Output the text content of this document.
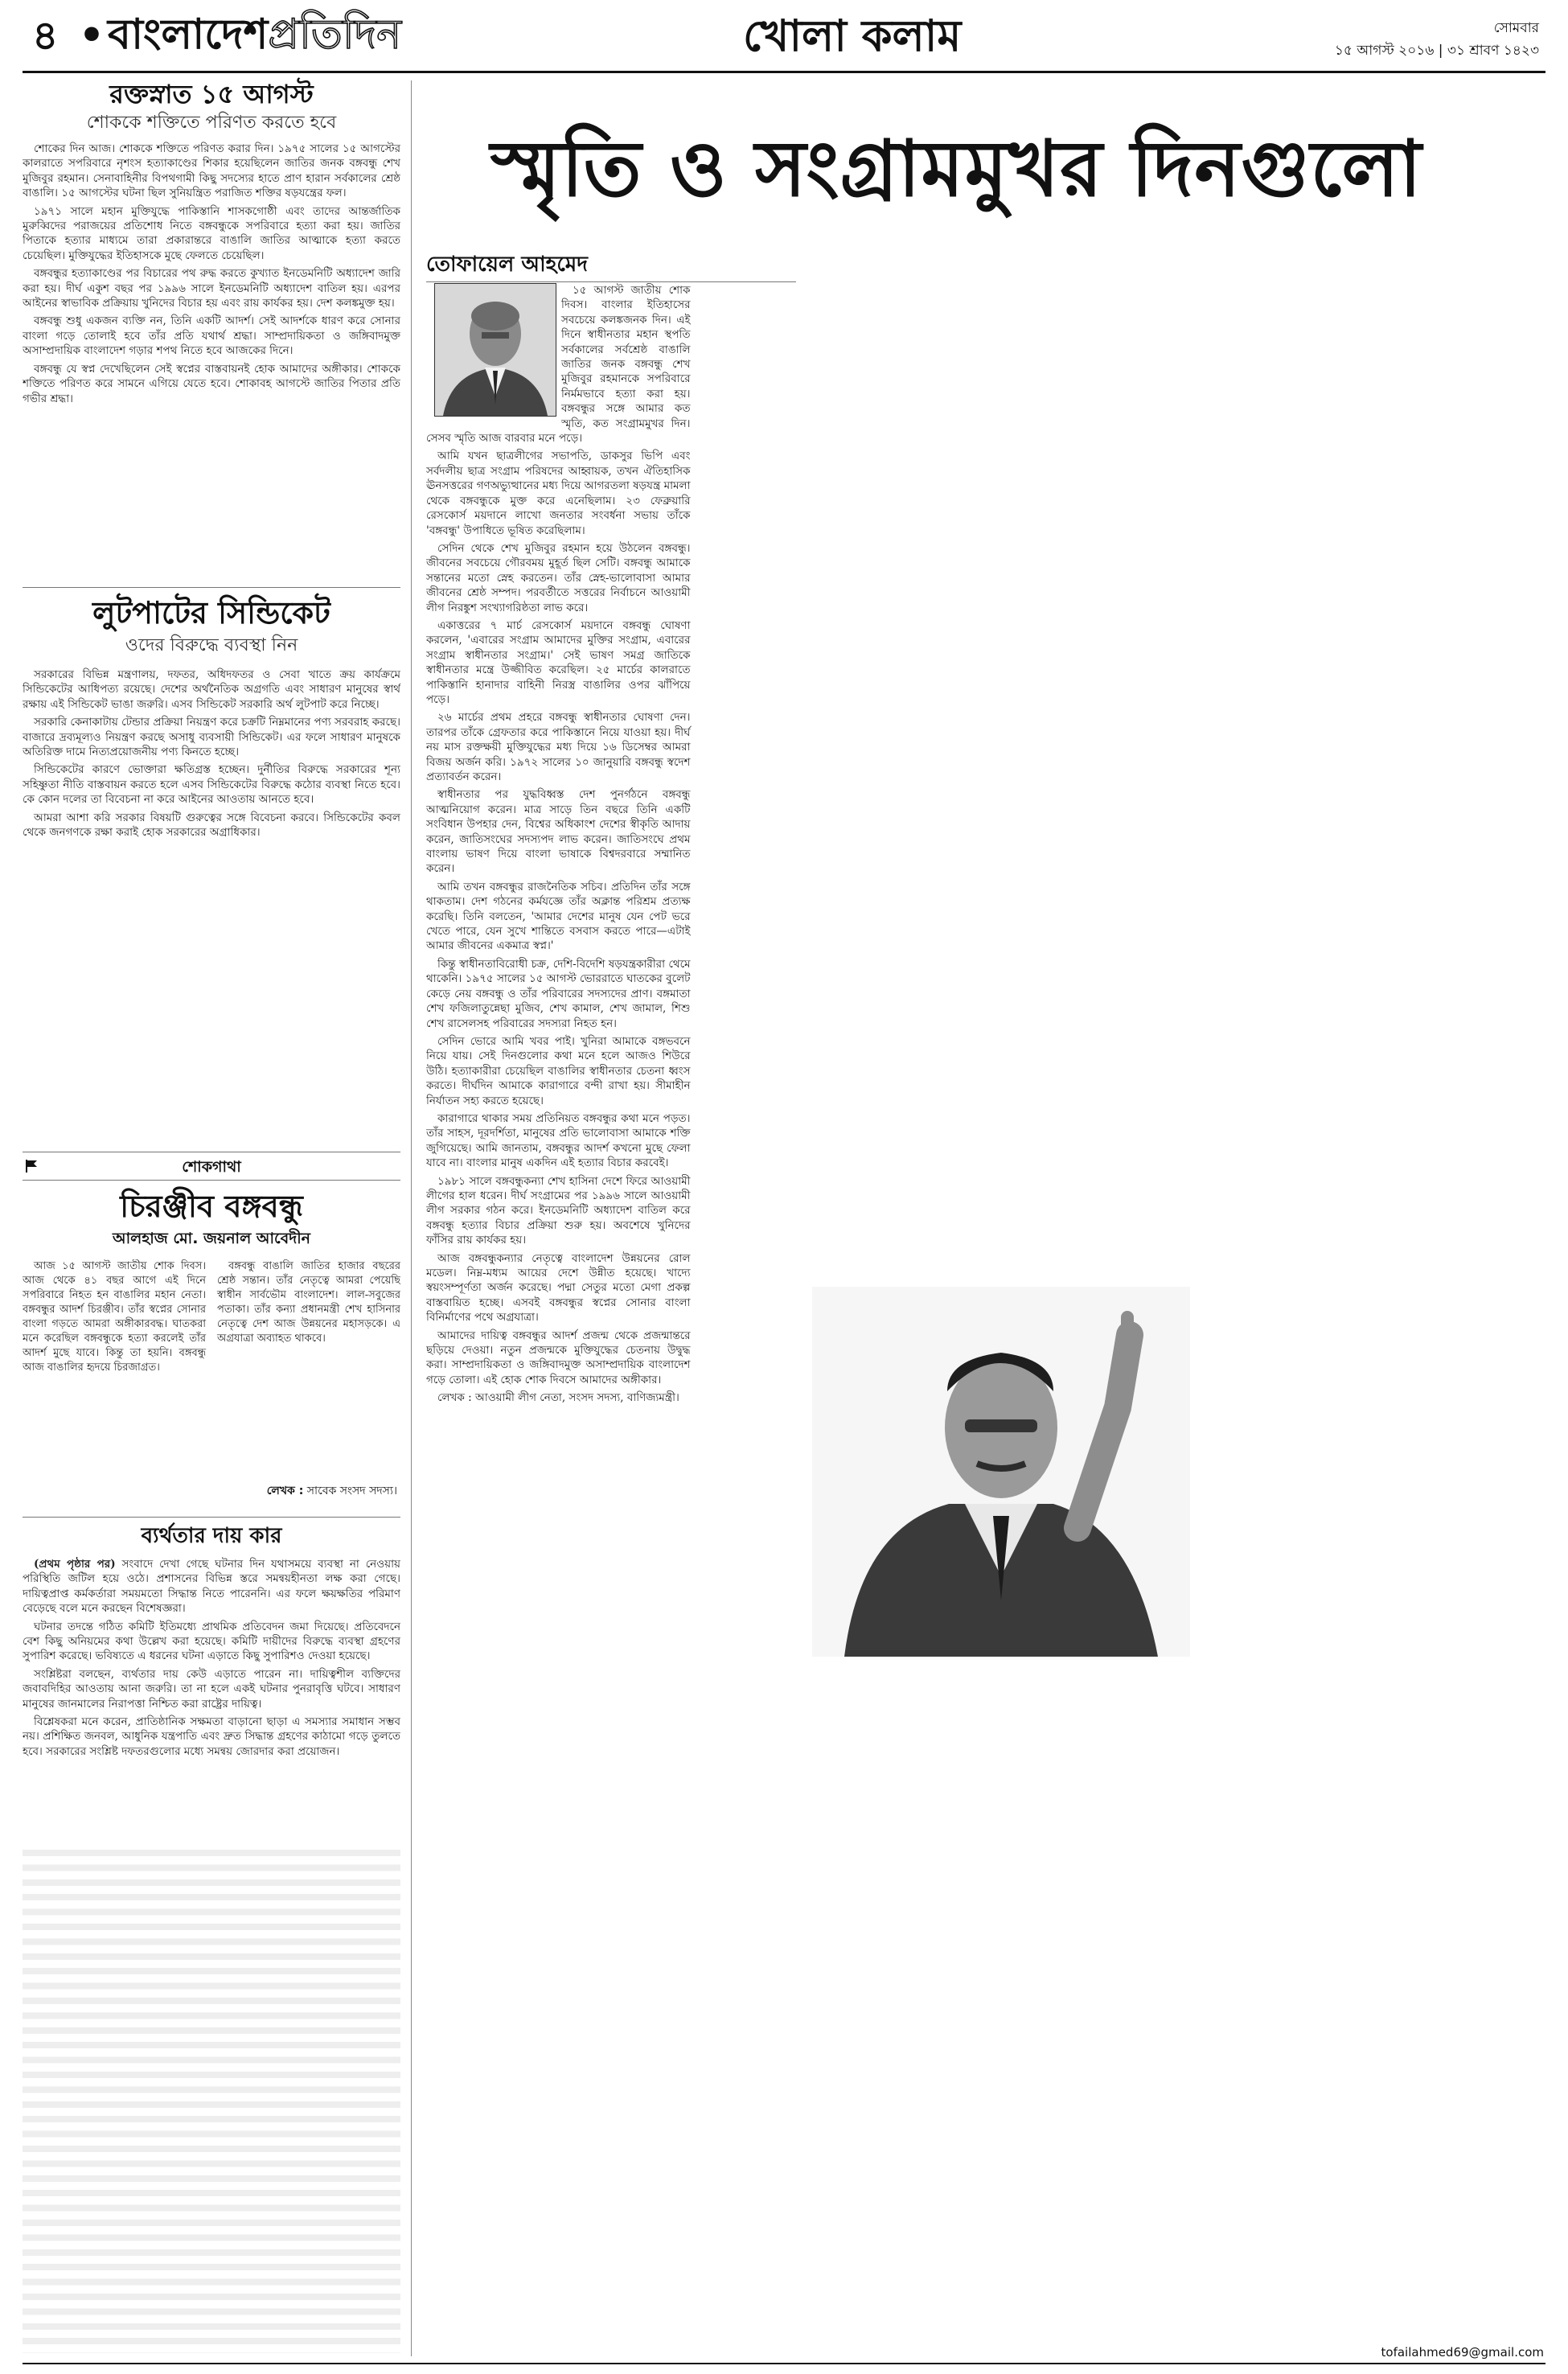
৪ • বাংলাদেশপ্রতিদিন	খোলা কলাম	সোমবার
১৫ আগস্ট ২০১৬ | ৩১ শ্রাবণ ১৪২৩
রক্তস্নাত ১৫ আগস্ট
শোককে শক্তিতে পরিণত করতে হবে

শোকের দিন আজ। শোককে শক্তিতে পরিণত করার দিন। ১৯৭৫ সালের ১৫ আগস্টের কালরাতে সপরিবারে নৃশংস হত্যাকাণ্ডের শিকার হয়েছিলেন জাতির জনক বঙ্গবন্ধু শেখ মুজিবুর রহমান। সেনাবাহিনীর বিপথগামী কিছু সদস্যের হাতে প্রাণ হারান সর্বকালের শ্রেষ্ঠ বাঙালি। ১৫ আগস্টের ঘটনা ছিল সুনিয়ন্ত্রিত পরাজিত শক্তির ষড়যন্ত্রের ফল।

১৯৭১ সালে মহান মুক্তিযুদ্ধে পাকিস্তানি শাসকগোষ্ঠী এবং তাদের আন্তর্জাতিক মুরুব্বিদের পরাজয়ের প্রতিশোধ নিতে বঙ্গবন্ধুকে সপরিবারে হত্যা করা হয়। জাতির পিতাকে হত্যার মাধ্যমে তারা প্রকারান্তরে বাঙালি জাতির আত্মাকে হত্যা করতে চেয়েছিল। মুক্তিযুদ্ধের ইতিহাসকে মুছে ফেলতে চেয়েছিল।

বঙ্গবন্ধুর হত্যাকাণ্ডের পর বিচারের পথ রুদ্ধ করতে কুখ্যাত ইনডেমনিটি অধ্যাদেশ জারি করা হয়। দীর্ঘ একুশ বছর পর ১৯৯৬ সালে ইনডেমনিটি অধ্যাদেশ বাতিল হয়। এরপর আইনের স্বাভাবিক প্রক্রিয়ায় খুনিদের বিচার হয় এবং রায় কার্যকর হয়। দেশ কলঙ্কমুক্ত হয়।

বঙ্গবন্ধু শুধু একজন ব্যক্তি নন, তিনি একটি আদর্শ। সেই আদর্শকে ধারণ করে সোনার বাংলা গড়ে তোলাই হবে তাঁর প্রতি যথার্থ শ্রদ্ধা। সাম্প্রদায়িকতা ও জঙ্গিবাদমুক্ত অসাম্প্রদায়িক বাংলাদেশ গড়ার শপথ নিতে হবে আজকের দিনে।

বঙ্গবন্ধু যে স্বপ্ন দেখেছিলেন সেই স্বপ্নের বাস্তবায়নই হোক আমাদের অঙ্গীকার। শোককে শক্তিতে পরিণত করে সামনে এগিয়ে যেতে হবে। শোকাবহ আগস্টে জাতির পিতার প্রতি গভীর শ্রদ্ধা।

লুটপাটের সিন্ডিকেট
ওদের বিরুদ্ধে ব্যবস্থা নিন

সরকারের বিভিন্ন মন্ত্রণালয়, দফতর, অধিদফতর ও সেবা খাতে ক্রয় কার্যক্রমে সিন্ডিকেটের আধিপত্য রয়েছে। দেশের অর্থনৈতিক অগ্রগতি এবং সাধারণ মানুষের স্বার্থ রক্ষায় এই সিন্ডিকেট ভাঙা জরুরি। এসব সিন্ডিকেট সরকারি অর্থ লুটপাট করে নিচ্ছে।

সরকারি কেনাকাটায় টেন্ডার প্রক্রিয়া নিয়ন্ত্রণ করে চক্রটি নিম্নমানের পণ্য সরবরাহ করছে। বাজারে দ্রব্যমূল্যও নিয়ন্ত্রণ করছে অসাধু ব্যবসায়ী সিন্ডিকেট। এর ফলে সাধারণ মানুষকে অতিরিক্ত দামে নিত্যপ্রয়োজনীয় পণ্য কিনতে হচ্ছে।

সিন্ডিকেটের কারণে ভোক্তারা ক্ষতিগ্রস্ত হচ্ছেন। দুর্নীতির বিরুদ্ধে সরকারের শূন্য সহিষ্ণুতা নীতি বাস্তবায়ন করতে হলে এসব সিন্ডিকেটের বিরুদ্ধে কঠোর ব্যবস্থা নিতে হবে। কে কোন দলের তা বিবেচনা না করে আইনের আওতায় আনতে হবে।

আমরা আশা করি সরকার বিষয়টি গুরুত্বের সঙ্গে বিবেচনা করবে। সিন্ডিকেটের কবল থেকে জনগণকে রক্ষা করাই হোক সরকারের অগ্রাধিকার।

শোকগাথা
চিরঞ্জীব বঙ্গবন্ধু
আলহাজ মো. জয়নাল আবেদীন

আজ ১৫ আগস্ট জাতীয় শোক দিবস। আজ থেকে ৪১ বছর আগে এই দিনে সপরিবারে নিহত হন বাঙালির মহান নেতা। বঙ্গবন্ধুর আদর্শ চিরঞ্জীব। তাঁর স্বপ্নের সোনার বাংলা গড়তে আমরা অঙ্গীকারবদ্ধ। ঘাতকরা মনে করেছিল বঙ্গবন্ধুকে হত্যা করলেই তাঁর আদর্শ মুছে যাবে। কিন্তু তা হয়নি। বঙ্গবন্ধু আজ বাঙালির হৃদয়ে চিরজাগ্রত।

বঙ্গবন্ধু বাঙালি জাতির হাজার বছরের শ্রেষ্ঠ সন্তান। তাঁর নেতৃত্বে আমরা পেয়েছি স্বাধীন সার্বভৌম বাংলাদেশ। লাল-সবুজের পতাকা। তাঁর কন্যা প্রধানমন্ত্রী শেখ হাসিনার নেতৃত্বে দেশ আজ উন্নয়নের মহাসড়কে। এ অগ্রযাত্রা অব্যাহত থাকবে।

লেখক : সাবেক সংসদ সদস্য।
ব্যর্থতার দায় কার

(প্রথম পৃষ্ঠার পর) সংবাদে দেখা গেছে ঘটনার দিন যথাসময়ে ব্যবস্থা না নেওয়ায় পরিস্থিতি জটিল হয়ে ওঠে। প্রশাসনের বিভিন্ন স্তরে সমন্বয়হীনতা লক্ষ করা গেছে। দায়িত্বপ্রাপ্ত কর্মকর্তারা সময়মতো সিদ্ধান্ত নিতে পারেননি। এর ফলে ক্ষয়ক্ষতির পরিমাণ বেড়েছে বলে মনে করছেন বিশেষজ্ঞরা।

ঘটনার তদন্তে গঠিত কমিটি ইতিমধ্যে প্রাথমিক প্রতিবেদন জমা দিয়েছে। প্রতিবেদনে বেশ কিছু অনিয়মের কথা উল্লেখ করা হয়েছে। কমিটি দায়ীদের বিরুদ্ধে ব্যবস্থা গ্রহণের সুপারিশ করেছে। ভবিষ্যতে এ ধরনের ঘটনা এড়াতে কিছু সুপারিশও দেওয়া হয়েছে।

সংশ্লিষ্টরা বলছেন, ব্যর্থতার দায় কেউ এড়াতে পারেন না। দায়িত্বশীল ব্যক্তিদের জবাবদিহির আওতায় আনা জরুরি। তা না হলে একই ঘটনার পুনরাবৃত্তি ঘটবে। সাধারণ মানুষের জানমালের নিরাপত্তা নিশ্চিত করা রাষ্ট্রের দায়িত্ব।

বিশ্লেষকরা মনে করেন, প্রাতিষ্ঠানিক সক্ষমতা বাড়ানো ছাড়া এ সমস্যার সমাধান সম্ভব নয়। প্রশিক্ষিত জনবল, আধুনিক যন্ত্রপাতি এবং দ্রুত সিদ্ধান্ত গ্রহণের কাঠামো গড়ে তুলতে হবে। সরকারের সংশ্লিষ্ট দফতরগুলোর মধ্যে সমন্বয় জোরদার করা প্রয়োজন।

স্মৃতি ও সংগ্রামমুখর দিনগুলো
তোফায়েল আহমেদ

১৫ আগস্ট জাতীয় শোক দিবস। বাংলার ইতিহাসের সবচেয়ে কলঙ্কজনক দিন। এই দিনে স্বাধীনতার মহান স্থপতি সর্বকালের সর্বশ্রেষ্ঠ বাঙালি জাতির জনক বঙ্গবন্ধু শেখ মুজিবুর রহমানকে সপরিবারে নির্মমভাবে হত্যা করা হয়। বঙ্গবন্ধুর সঙ্গে আমার কত স্মৃতি, কত সংগ্রামমুখর দিন। সেসব স্মৃতি আজ বারবার মনে পড়ে।

আমি যখন ছাত্রলীগের সভাপতি, ডাকসুর ভিপি এবং সর্বদলীয় ছাত্র সংগ্রাম পরিষদের আহ্বায়ক, তখন ঐতিহাসিক ঊনসত্তরের গণঅভ্যুত্থানের মধ্য দিয়ে আগরতলা ষড়যন্ত্র মামলা থেকে বঙ্গবন্ধুকে মুক্ত করে এনেছিলাম। ২৩ ফেব্রুয়ারি রেসকোর্স ময়দানে লাখো জনতার সংবর্ধনা সভায় তাঁকে 'বঙ্গবন্ধু' উপাধিতে ভূষিত করেছিলাম।

সেদিন থেকে শেখ মুজিবুর রহমান হয়ে উঠলেন বঙ্গবন্ধু। জীবনের সবচেয়ে গৌরবময় মুহূর্ত ছিল সেটি। বঙ্গবন্ধু আমাকে সন্তানের মতো স্নেহ করতেন। তাঁর স্নেহ-ভালোবাসা আমার জীবনের শ্রেষ্ঠ সম্পদ। পরবর্তীতে সত্তরের নির্বাচনে আওয়ামী লীগ নিরঙ্কুশ সংখ্যাগরিষ্ঠতা লাভ করে।

একাত্তরের ৭ মার্চ রেসকোর্স ময়দানে বঙ্গবন্ধু ঘোষণা করলেন, 'এবারের সংগ্রাম আমাদের মুক্তির সংগ্রাম, এবারের সংগ্রাম স্বাধীনতার সংগ্রাম।' সেই ভাষণ সমগ্র জাতিকে স্বাধীনতার মন্ত্রে উজ্জীবিত করেছিল। ২৫ মার্চের কালরাতে পাকিস্তানি হানাদার বাহিনী নিরস্ত্র বাঙালির ওপর ঝাঁপিয়ে পড়ে।

২৬ মার্চের প্রথম প্রহরে বঙ্গবন্ধু স্বাধীনতার ঘোষণা দেন। তারপর তাঁকে গ্রেফতার করে পাকিস্তানে নিয়ে যাওয়া হয়। দীর্ঘ নয় মাস রক্তক্ষয়ী মুক্তিযুদ্ধের মধ্য দিয়ে ১৬ ডিসেম্বর আমরা বিজয় অর্জন করি। ১৯৭২ সালের ১০ জানুয়ারি বঙ্গবন্ধু স্বদেশ প্রত্যাবর্তন করেন।

স্বাধীনতার পর যুদ্ধবিধ্বস্ত দেশ পুনর্গঠনে বঙ্গবন্ধু আত্মনিয়োগ করেন। মাত্র সাড়ে তিন বছরে তিনি একটি সংবিধান উপহার দেন, বিশ্বের অধিকাংশ দেশের স্বীকৃতি আদায় করেন, জাতিসংঘের সদস্যপদ লাভ করেন। জাতিসংঘে প্রথম বাংলায় ভাষণ দিয়ে বাংলা ভাষাকে বিশ্বদরবারে সম্মানিত করেন।

আমি তখন বঙ্গবন্ধুর রাজনৈতিক সচিব। প্রতিদিন তাঁর সঙ্গে থাকতাম। দেশ গঠনের কর্মযজ্ঞে তাঁর অক্লান্ত পরিশ্রম প্রত্যক্ষ করেছি। তিনি বলতেন, 'আমার দেশের মানুষ যেন পেট ভরে খেতে পারে, যেন সুখে শান্তিতে বসবাস করতে পারে—এটাই আমার জীবনের একমাত্র স্বপ্ন।'

কিন্তু স্বাধীনতাবিরোধী চক্র, দেশি-বিদেশি ষড়যন্ত্রকারীরা থেমে থাকেনি। ১৯৭৫ সালের ১৫ আগস্ট ভোররাতে ঘাতকের বুলেট কেড়ে নেয় বঙ্গবন্ধু ও তাঁর পরিবারের সদস্যদের প্রাণ। বঙ্গমাতা শেখ ফজিলাতুন্নেছা মুজিব, শেখ কামাল, শেখ জামাল, শিশু শেখ রাসেলসহ পরিবারের সদস্যরা নিহত হন।

সেদিন ভোরে আমি খবর পাই। খুনিরা আমাকে বঙ্গভবনে নিয়ে যায়। সেই দিনগুলোর কথা মনে হলে আজও শিউরে উঠি। হত্যাকারীরা চেয়েছিল বাঙালির স্বাধীনতার চেতনা ধ্বংস করতে। দীর্ঘদিন আমাকে কারাগারে বন্দী রাখা হয়। সীমাহীন নির্যাতন সহ্য করতে হয়েছে।

কারাগারে থাকার সময় প্রতিনিয়ত বঙ্গবন্ধুর কথা মনে পড়ত। তাঁর সাহস, দূরদর্শিতা, মানুষের প্রতি ভালোবাসা আমাকে শক্তি জুগিয়েছে। আমি জানতাম, বঙ্গবন্ধুর আদর্শ কখনো মুছে ফেলা যাবে না। বাংলার মানুষ একদিন এই হত্যার বিচার করবেই।

১৯৮১ সালে বঙ্গবন্ধুকন্যা শেখ হাসিনা দেশে ফিরে আওয়ামী লীগের হাল ধরেন। দীর্ঘ সংগ্রামের পর ১৯৯৬ সালে আওয়ামী লীগ সরকার গঠন করে। ইনডেমনিটি অধ্যাদেশ বাতিল করে বঙ্গবন্ধু হত্যার বিচার প্রক্রিয়া শুরু হয়। অবশেষে খুনিদের ফাঁসির রায় কার্যকর হয়।

আজ বঙ্গবন্ধুকন্যার নেতৃত্বে বাংলাদেশ উন্নয়নের রোল মডেল। নিম্ন-মধ্যম আয়ের দেশে উন্নীত হয়েছে। খাদ্যে স্বয়ংসম্পূর্ণতা অর্জন করেছে। পদ্মা সেতুর মতো মেগা প্রকল্প বাস্তবায়িত হচ্ছে। এসবই বঙ্গবন্ধুর স্বপ্নের সোনার বাংলা বিনির্মাণের পথে অগ্রযাত্রা।

আমাদের দায়িত্ব বঙ্গবন্ধুর আদর্শ প্রজন্ম থেকে প্রজন্মান্তরে ছড়িয়ে দেওয়া। নতুন প্রজন্মকে মুক্তিযুদ্ধের চেতনায় উদ্বুদ্ধ করা। সাম্প্রদায়িকতা ও জঙ্গিবাদমুক্ত অসাম্প্রদায়িক বাংলাদেশ গড়ে তোলা। এই হোক শোক দিবসে আমাদের অঙ্গীকার।

লেখক : আওয়ামী লীগ নেতা, সংসদ সদস্য, বাণিজ্যমন্ত্রী।

tofailahmed69@gmail.com
